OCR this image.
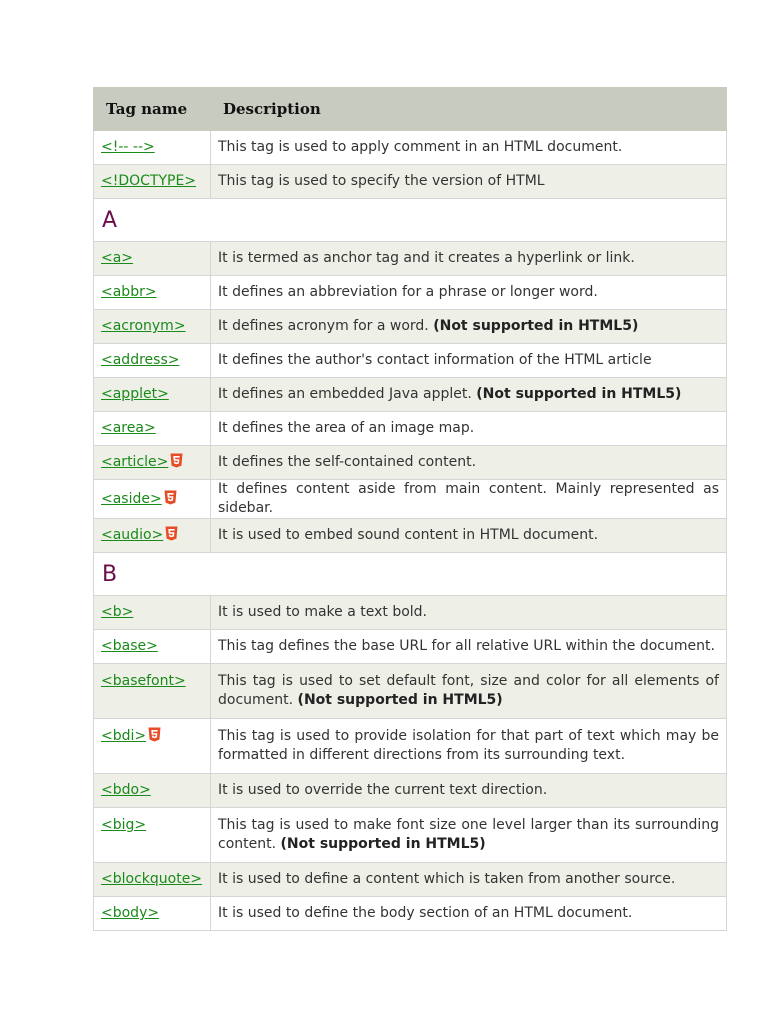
Tag name	Description
<!-- -->	This tag is used to apply comment in an HTML document.
<!DOCTYPE>	This tag is used to specify the version of HTML
A	
<a>	It is termed as anchor tag and it creates a hyperlink or link.
<abbr>	It defines an abbreviation for a phrase or longer word.
<acronym>	It defines acronym for a word. (Not supported in HTML5)
<address>	It defines the author's contact information of the HTML article
<applet>	It defines an embedded Java applet. (Not supported in HTML5)
<area>	It defines the area of an image map.
<article>	It defines the self-contained content.
<aside>	It defines content aside from main content. Mainly represented as sidebar.
<audio>	It is used to embed sound content in HTML document.
B	
<b>	It is used to make a text bold.
<base>	This tag defines the base URL for all relative URL within the document.
<basefont>	This tag is used to set default font, size and color for all elements of document. (Not supported in HTML5)
<bdi>	This tag is used to provide isolation for that part of text which may be formatted in different directions from its surrounding text.
<bdo>	It is used to override the current text direction.
<big>	This tag is used to make font size one level larger than its surrounding content. (Not supported in HTML5)
<blockquote>	It is used to define a content which is taken from another source.
<body>	It is used to define the body section of an HTML document.
